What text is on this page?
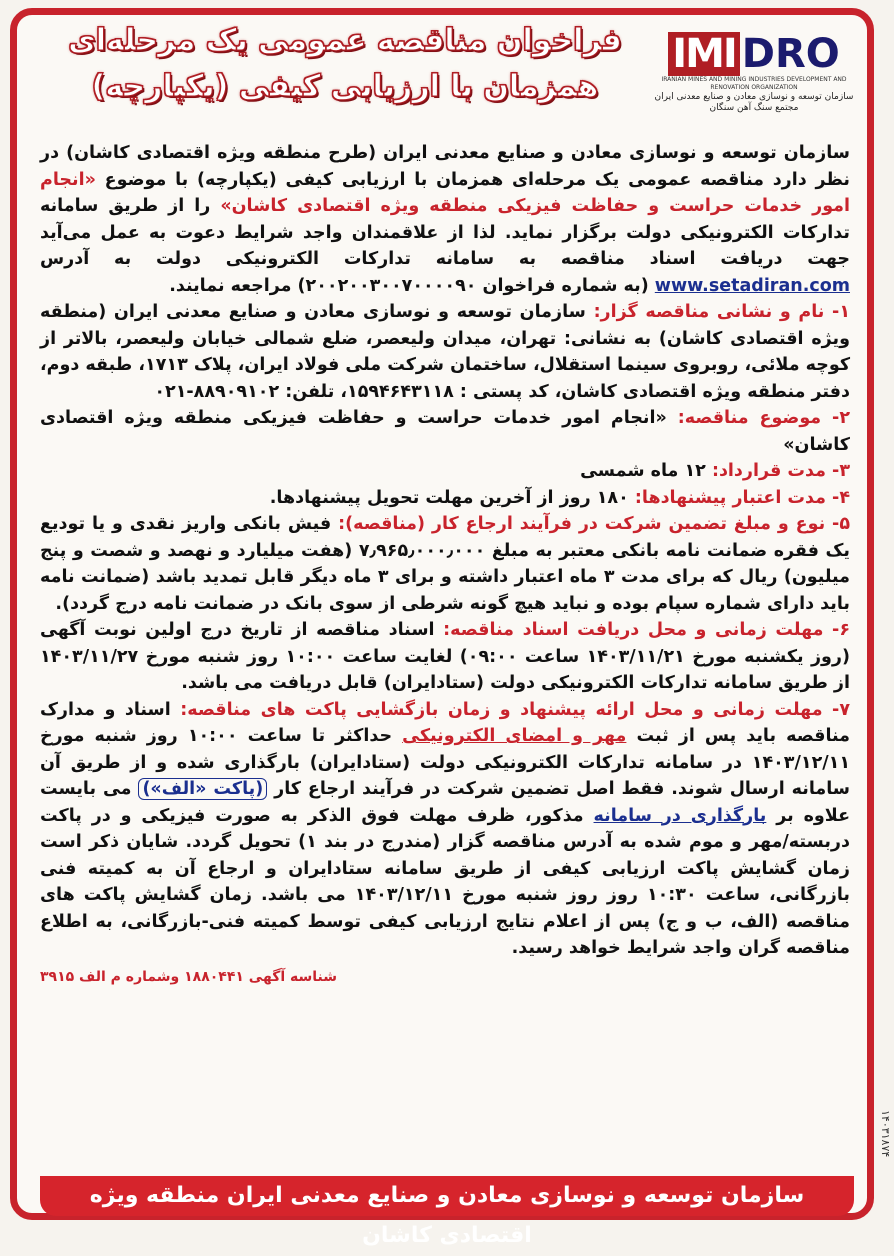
فراخوان مناقصه عمومی یک مرحله‌ای
همزمان با ارزیابی کیفی (یکپارچه)
IMI DRO
IRANIAN MINES AND MINING INDUSTRIES DEVELOPMENT AND RENOVATION ORGANIZATION
سازمان توسعه و نوسازی معادن و صنایع معدنی ایران
مجتمع سنگ آهن سنگان

سازمان توسعه و نوسازی معادن و صنایع معدنی ایران (طرح منطقه ویژه اقتصادی کاشان) در نظر دارد مناقصه عمومی یک مرحله‌ای همزمان با ارزیابی کیفی (یکپارچه) با موضوع «انجام امور خدمات حراست و حفاظت فیزیکی منطقه ویژه اقتصادی کاشان» را از طریق سامانه تدارکات الکترونیکی دولت برگزار نماید. لذا از علاقمندان واجد شرایط دعوت به عمل می‌آید جهت دریافت اسناد مناقصه به سامانه تدارکات الکترونیکی دولت به آدرس www.setadiran.com (به شماره فراخوان ۲۰۰۲۰۰۳۰۰۷۰۰۰۰۹۰) مراجعه نمایند.

۱- نام و نشانی مناقصه گزار: سازمان توسعه و نوسازی معادن و صنایع معدنی ایران (منطقه ویژه اقتصادی کاشان) به نشانی: تهران، میدان ولیعصر، ضلع شمالی خیابان ولیعصر، بالاتر از کوچه ملائی، روبروی سینما استقلال، ساختمان شرکت ملی فولاد ایران، پلاک ۱۷۱۳، طبقه دوم، دفتر منطقه ویژه اقتصادی کاشان، کد پستی : ۱۵۹۴۶۴۳۱۱۸، تلفن: ۸۸۹۰۹۱۰۲-۰۲۱

۲- موضوع مناقصه: «انجام امور خدمات حراست و حفاظت فیزیکی منطقه ویژه اقتصادی کاشان»

۳- مدت قرارداد: ۱۲ ماه شمسی

۴- مدت اعتبار پیشنهادها: ۱۸۰ روز از آخرین مهلت تحویل پیشنهادها.

۵- نوع و مبلغ تضمین شرکت در فرآیند ارجاع کار (مناقصه): فیش بانکی واریز نقدی و یا تودیع یک فقره ضمانت نامه بانکی معتبر به مبلغ ۷٫۹۶۵٫۰۰۰٫۰۰۰ (هفت میلیارد و نهصد و شصت و پنج میلیون) ریال که برای مدت ۳ ماه اعتبار داشته و برای ۳ ماه دیگر قابل تمدید باشد (ضمانت نامه باید دارای شماره سپام بوده و نباید هیچ گونه شرطی از سوی بانک در ضمانت نامه درج گردد).

۶- مهلت زمانی و محل دریافت اسناد مناقصه: اسناد مناقصه از تاریخ درج اولین نوبت آگهی (روز یکشنبه مورخ ۱۴۰۳/۱۱/۲۱ ساعت ۰۹:۰۰) لغایت ساعت ۱۰:۰۰ روز شنبه مورخ ۱۴۰۳/۱۱/۲۷ از طریق سامانه تدارکات الکترونیکی دولت (ستادایران) قابل دریافت می باشد.

۷- مهلت زمانی و محل ارائه پیشنهاد و زمان بازگشایی پاکت های مناقصه: اسناد و مدارک مناقصه باید پس از ثبت مهر و امضای الکترونیکی حداکثر تا ساعت ۱۰:۰۰ روز شنبه مورخ ۱۴۰۳/۱۲/۱۱ در سامانه تدارکات الکترونیکی دولت (ستادایران) بارگذاری شده و از طریق آن سامانه ارسال شوند. فقط اصل تضمین شرکت در فرآیند ارجاع کار (پاکت «الف») می بایست علاوه بر بارگذاری در سامانه مذکور، ظرف مهلت فوق الذکر به صورت فیزیکی و در پاکت دربسته/مهر و موم شده به آدرس مناقصه گزار (مندرج در بند ۱) تحویل گردد. شایان ذکر است زمان گشایش پاکت ارزیابی کیفی از طریق سامانه ستادایران و ارجاع آن به کمیته فنی بازرگانی، ساعت ۱۰:۳۰ روز روز شنبه مورخ ۱۴۰۳/۱۲/۱۱ می باشد. زمان گشایش پاکت های مناقصه (الف، ب و ج) پس از اعلام نتایج ارزیابی کیفی توسط کمیته فنی-بازرگانی، به اطلاع مناقصه گران واجد شرایط خواهد رسید.

شناسه آگهی ۱۸۸۰۴۴۱ وشماره م الف ۳۹۱۵
سازمان توسعه و نوسازی معادن و صنایع معدنی ایران منطقه ویژه اقتصادی کاشان
۱۴۰۳۱۸۷۴
